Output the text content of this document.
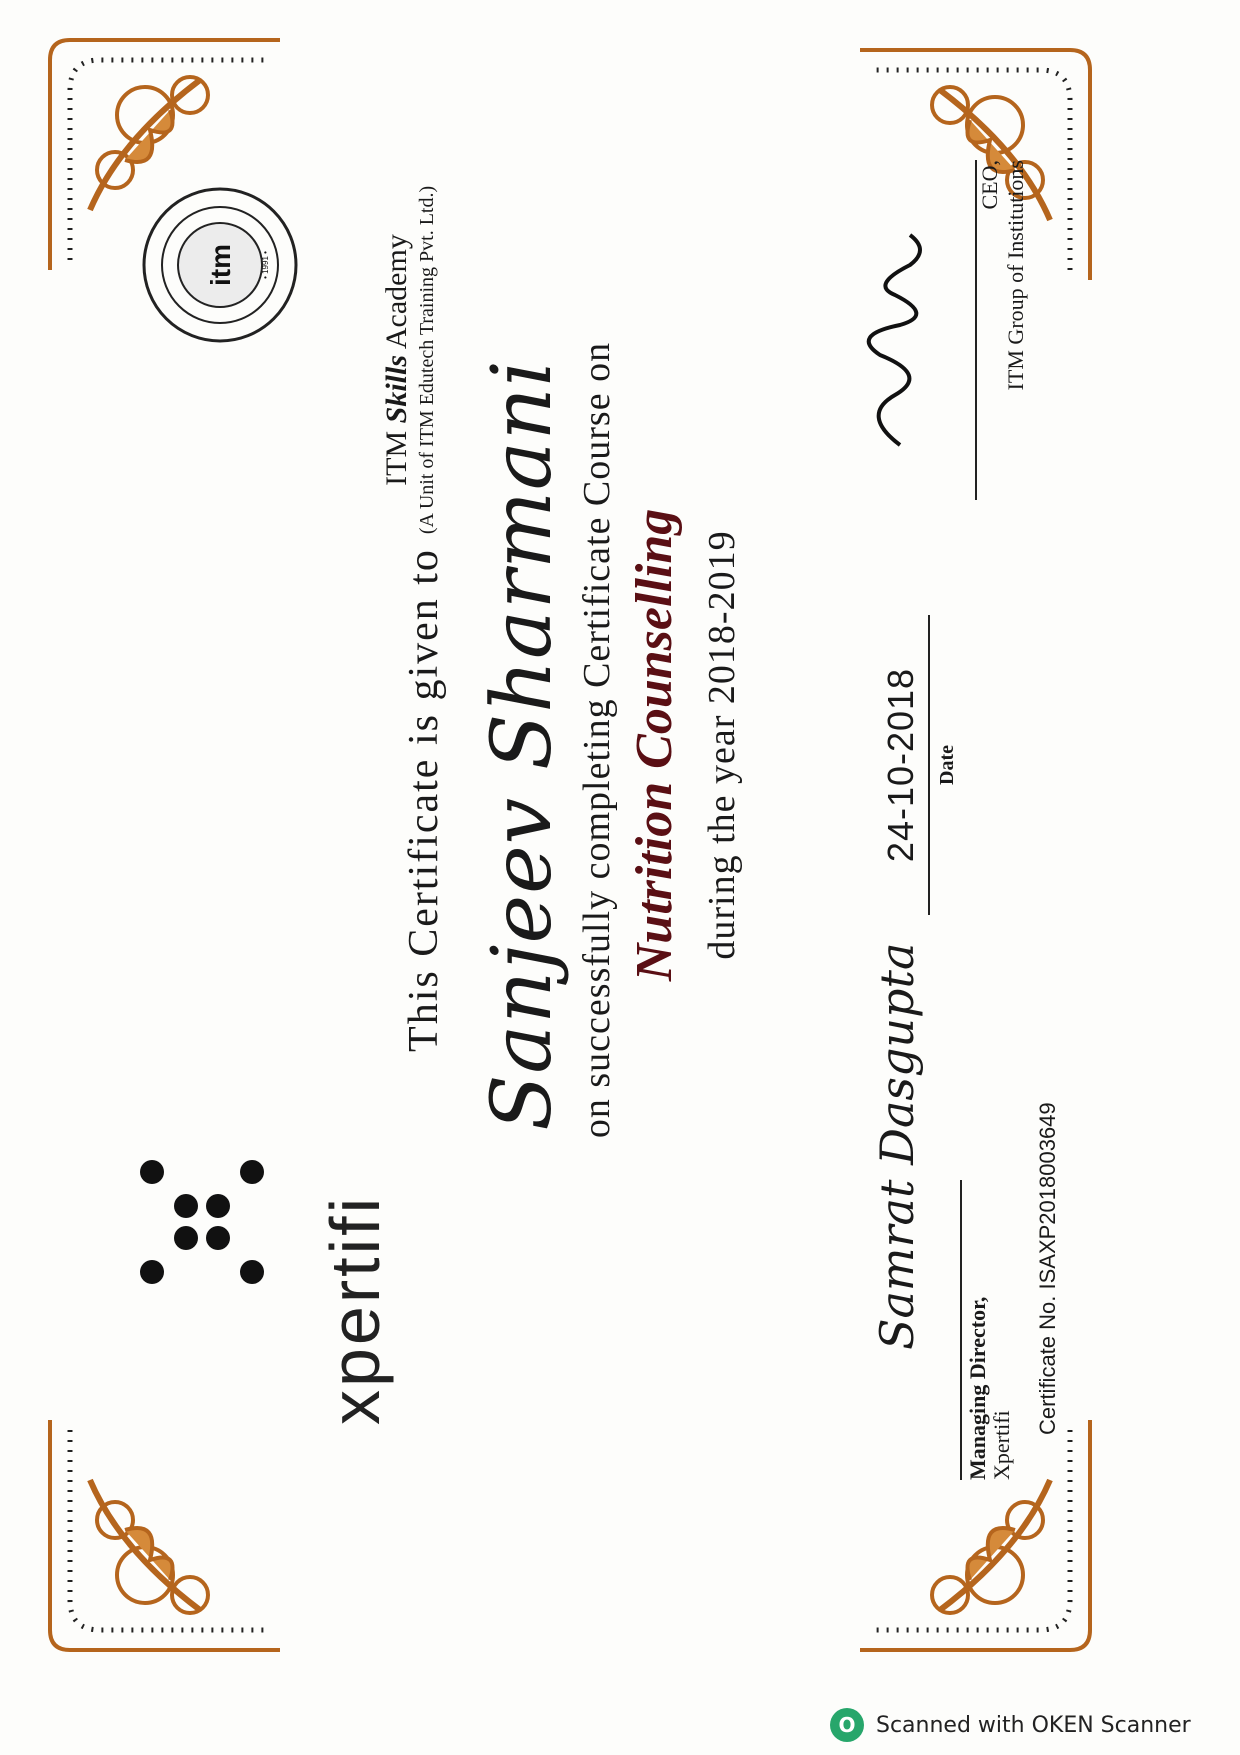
itm	• 1991 •
xpertifi
ITM Skills Academy (A Unit of ITM Edutech Training Pvt. Ltd.)
This Certificate is given to Sanjeev Sharmani on successfully completing Certificate Course on Nutrition Counselling during the year 2018-2019
CEO, ITM Group of Institutions
24-10-2018 Date
Samrat Dasgupta
Managing Director,
Xpertifi
Certificate No. ISAXP2018003649
O Scanned with OKEN Scanner
